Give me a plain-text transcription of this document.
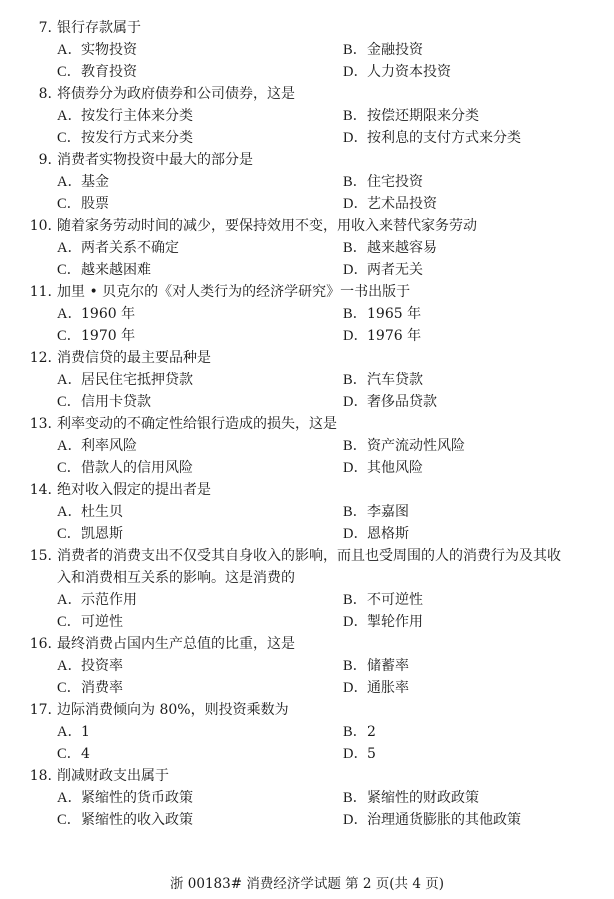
7. 银行存款属于
A．实物投资	B．金融投资
C．教育投资	D．人力资本投资
8. 将债券分为政府债券和公司债券，这是
A．按发行主体来分类	B．按偿还期限来分类
C．按发行方式来分类	D．按利息的支付方式来分类
9. 消费者实物投资中最大的部分是
A．基金	B．住宅投资
C．股票	D．艺术品投资
10. 随着家务劳动时间的减少，要保持效用不变，用收入来替代家务劳动
A．两者关系不确定	B．越来越容易
C．越来越困难	D．两者无关
11. 加里 • 贝克尔的《对人类行为的经济学研究》一书出版于
A．1960 年	B．1965 年
C．1970 年	D．1976 年
12. 消费信贷的最主要品种是
A．居民住宅抵押贷款	B．汽车贷款
C．信用卡贷款	D．奢侈品贷款
13. 利率变动的不确定性给银行造成的损失，这是
A．利率风险	B．资产流动性风险
C．借款人的信用风险	D．其他风险
14. 绝对收入假定的提出者是
A．杜生贝	B．李嘉图
C．凯恩斯	D．恩格斯
15. 消费者的消费支出不仅受其自身收入的影响，而且也受周围的人的消费行为及其收
入和消费相互关系的影响。这是消费的
A．示范作用	B．不可逆性
C．可逆性	D．掣轮作用
16. 最终消费占国内生产总值的比重，这是
A．投资率	B．储蓄率
C．消费率	D．通胀率
17. 边际消费倾向为 80%，则投资乘数为
A．1	B．2
C．4	D．5
18. 削减财政支出属于
A．紧缩性的货币政策	B．紧缩性的财政政策
C．紧缩性的收入政策	D．治理通货膨胀的其他政策
浙 00183# 消费经济学试题 第 2 页(共 4 页)
